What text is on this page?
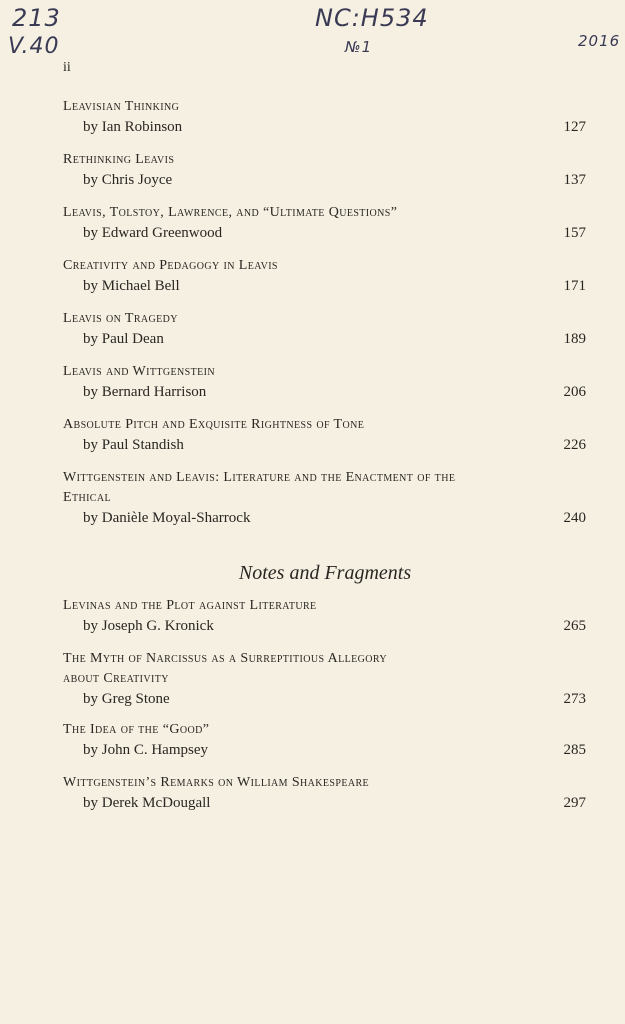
213
V.40
NC:H534
№1	2016
ii
Leavisian Thinking
by Ian Robinson	127
Rethinking Leavis
by Chris Joyce	137
Leavis, Tolstoy, Lawrence, and “Ultimate Questions”
by Edward Greenwood	157
Creativity and Pedagogy in Leavis
by Michael Bell	171
Leavis on Tragedy
by Paul Dean	189
Leavis and Wittgenstein
by Bernard Harrison	206
Absolute Pitch and Exquisite Rightness of Tone
by Paul Standish	226
Wittgenstein and Leavis: Literature and the Enactment of the
Ethical
by Danièle Moyal-Sharrock	240
Notes and Fragments
Levinas and the Plot against Literature
by Joseph G. Kronick	265
The Myth of Narcissus as a Surreptitious Allegory
about Creativity
by Greg Stone	273
The Idea of the “Good”
by John C. Hampsey	285
Wittgenstein’s Remarks on William Shakespeare
by Derek McDougall	297
